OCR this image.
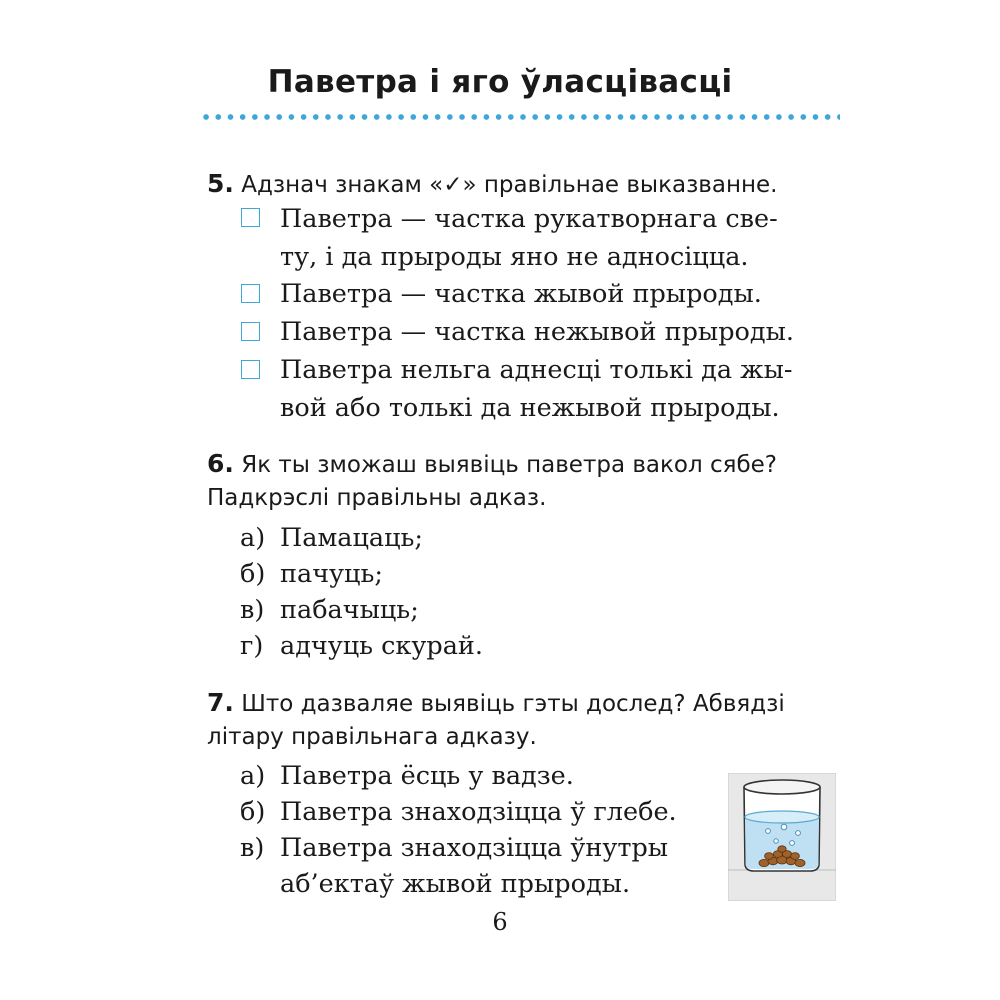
Паветра і яго ўласцівасці
5. Адзнач знакам «✓» правільнае выказванне.
Паветра — частка рукатворнага све-
ту, і да прыроды яно не адносіцца.
Паветра — частка жывой прыроды.
Паветра — частка нежывой прыроды.
Паветра нельга аднесці толькі да жы-
вой або толькі да нежывой прыроды.
6. Як ты зможаш выявіць паветра вакол сябе?
Падкрэслі правільны адказ.
а) Памацаць;
б) пачуць;
в) пабачыць;
г) адчуць скурай.
7. Што дазваляе выявіць гэты дослед? Абвядзі
літару правільнага адказу.
а) Паветра ёсць у вадзе.
б) Паветра знаходзіцца ў глебе.
в) Паветра знаходзіцца ўнутры
аб’ектаў жывой прыроды.
6
